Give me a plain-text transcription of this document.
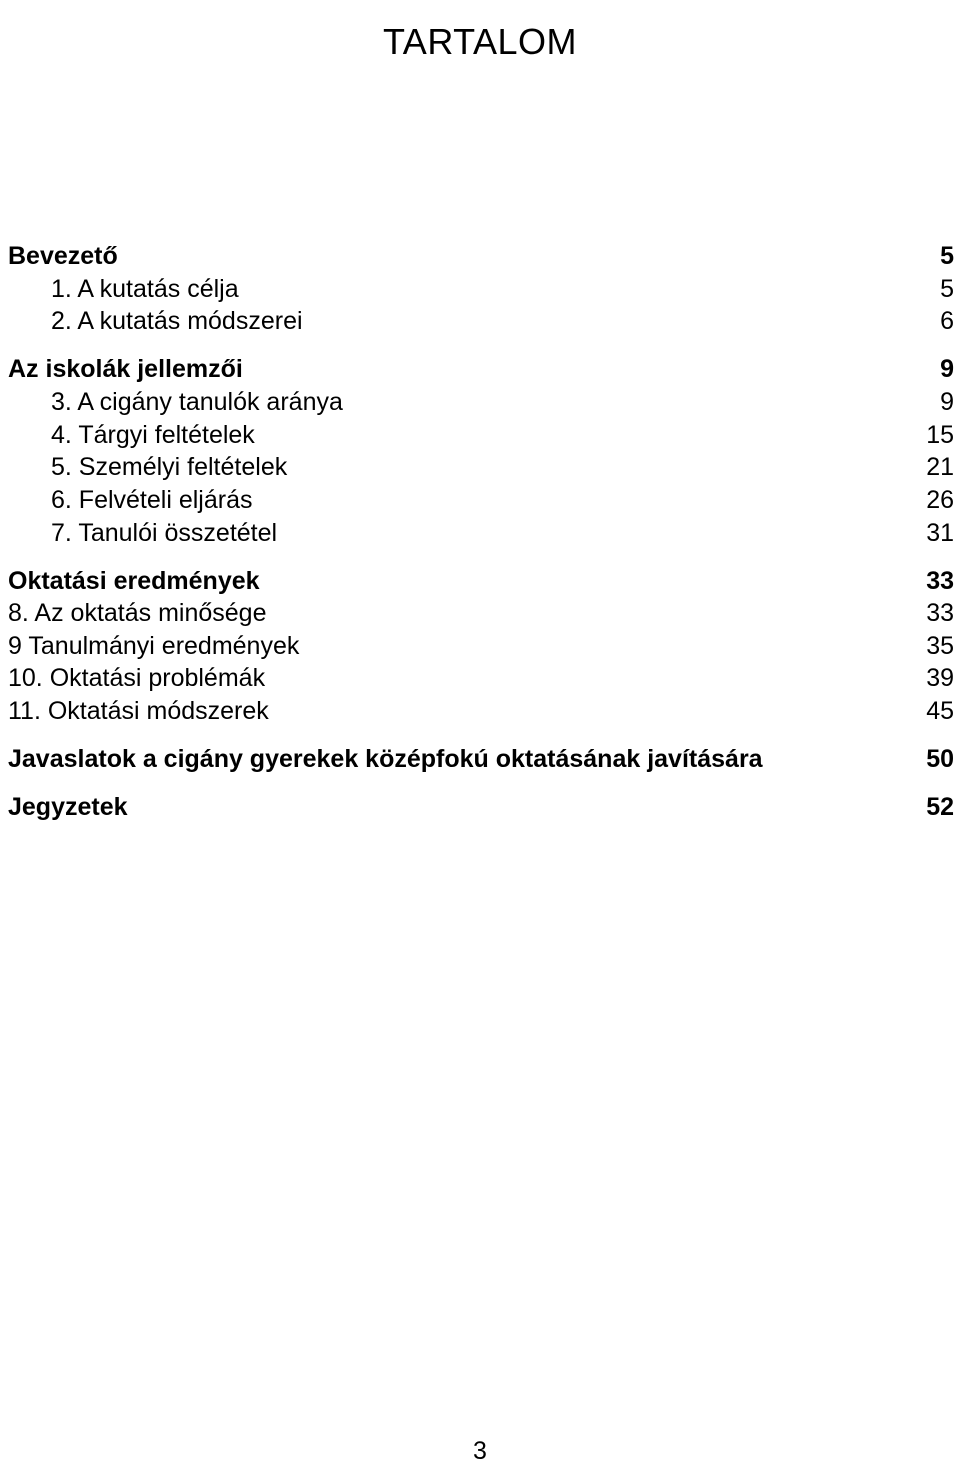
TARTALOM
Bevezető	5
1. A kutatás célja	5
2. A kutatás módszerei	6
Az iskolák jellemzői	9
3. A cigány tanulók aránya	9
4. Tárgyi feltételek	15
5. Személyi feltételek	21
6. Felvételi eljárás	26
7. Tanulói összetétel	31
Oktatási eredmények	33
8. Az oktatás minősége	33
9 Tanulmányi eredmények	35
10. Oktatási problémák	39
11. Oktatási módszerek	45
Javaslatok a cigány gyerekek középfokú oktatásának javítására	50
Jegyzetek	52
3
